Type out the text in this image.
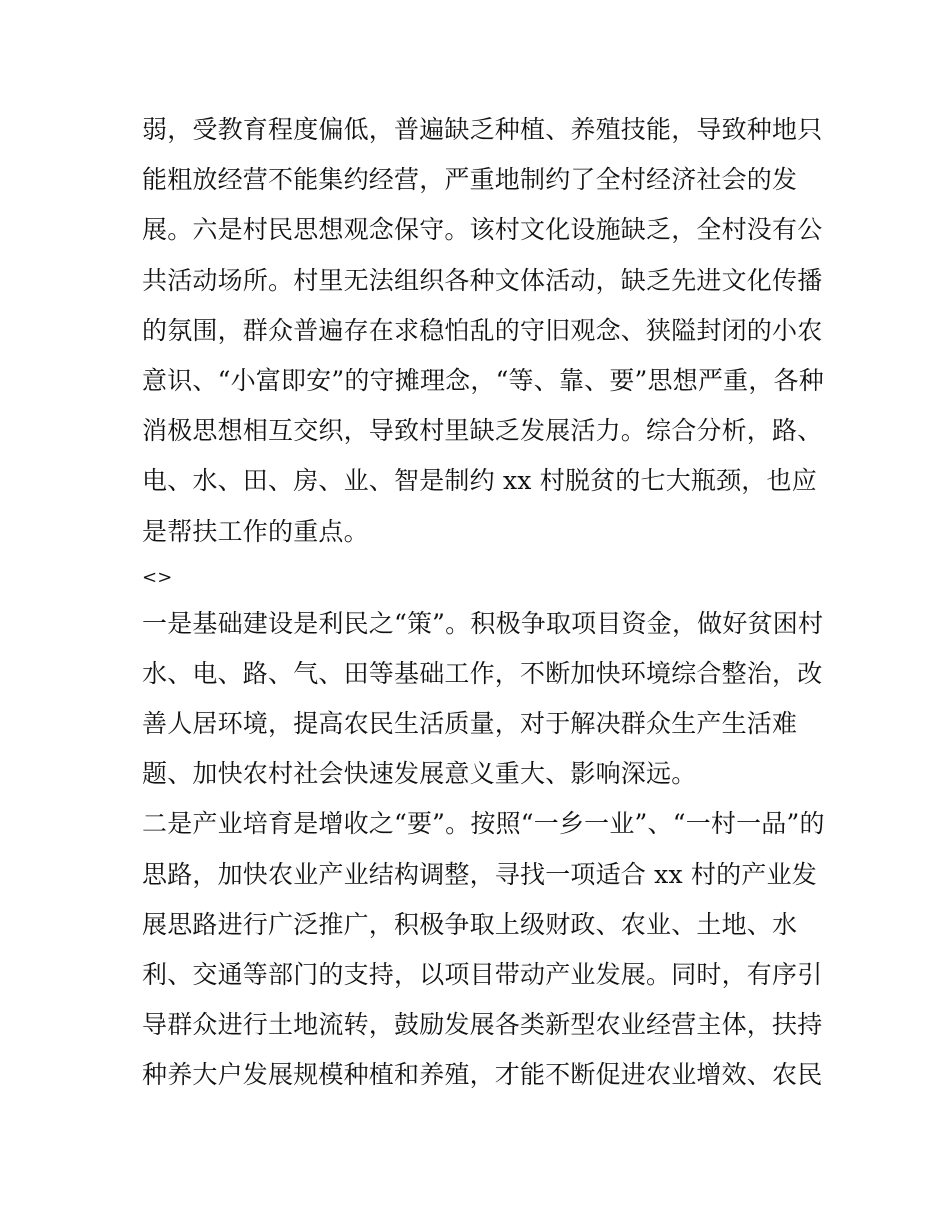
弱，受教育程度偏低，普遍缺乏种植、养殖技能，导致种地只
能粗放经营不能集约经营，严重地制约了全村经济社会的发
展。六是村民思想观念保守。该村文化设施缺乏，全村没有公
共活动场所。村里无法组织各种文体活动，缺乏先进文化传播
的氛围，群众普遍存在求稳怕乱的守旧观念、狭隘封闭的小农
意识、“小富即安”的守摊理念，“等、靠、要”思想严重，各种
消极思想相互交织，导致村里缺乏发展活力。综合分析，路、
电、水、田、房、业、智是制约 xx 村脱贫的七大瓶颈，也应
是帮扶工作的重点。
<>
一是基础建设是利民之“策”。积极争取项目资金，做好贫困村
水、电、路、气、田等基础工作，不断加快环境综合整治，改
善人居环境，提高农民生活质量，对于解决群众生产生活难
题、加快农村社会快速发展意义重大、影响深远。
二是产业培育是增收之“要”。按照“一乡一业”、“一村一品”的
思路，加快农业产业结构调整，寻找一项适合 xx 村的产业发
展思路进行广泛推广，积极争取上级财政、农业、土地、水
利、交通等部门的支持，以项目带动产业发展。同时，有序引
导群众进行土地流转，鼓励发展各类新型农业经营主体，扶持
种养大户发展规模种植和养殖，才能不断促进农业增效、农民
